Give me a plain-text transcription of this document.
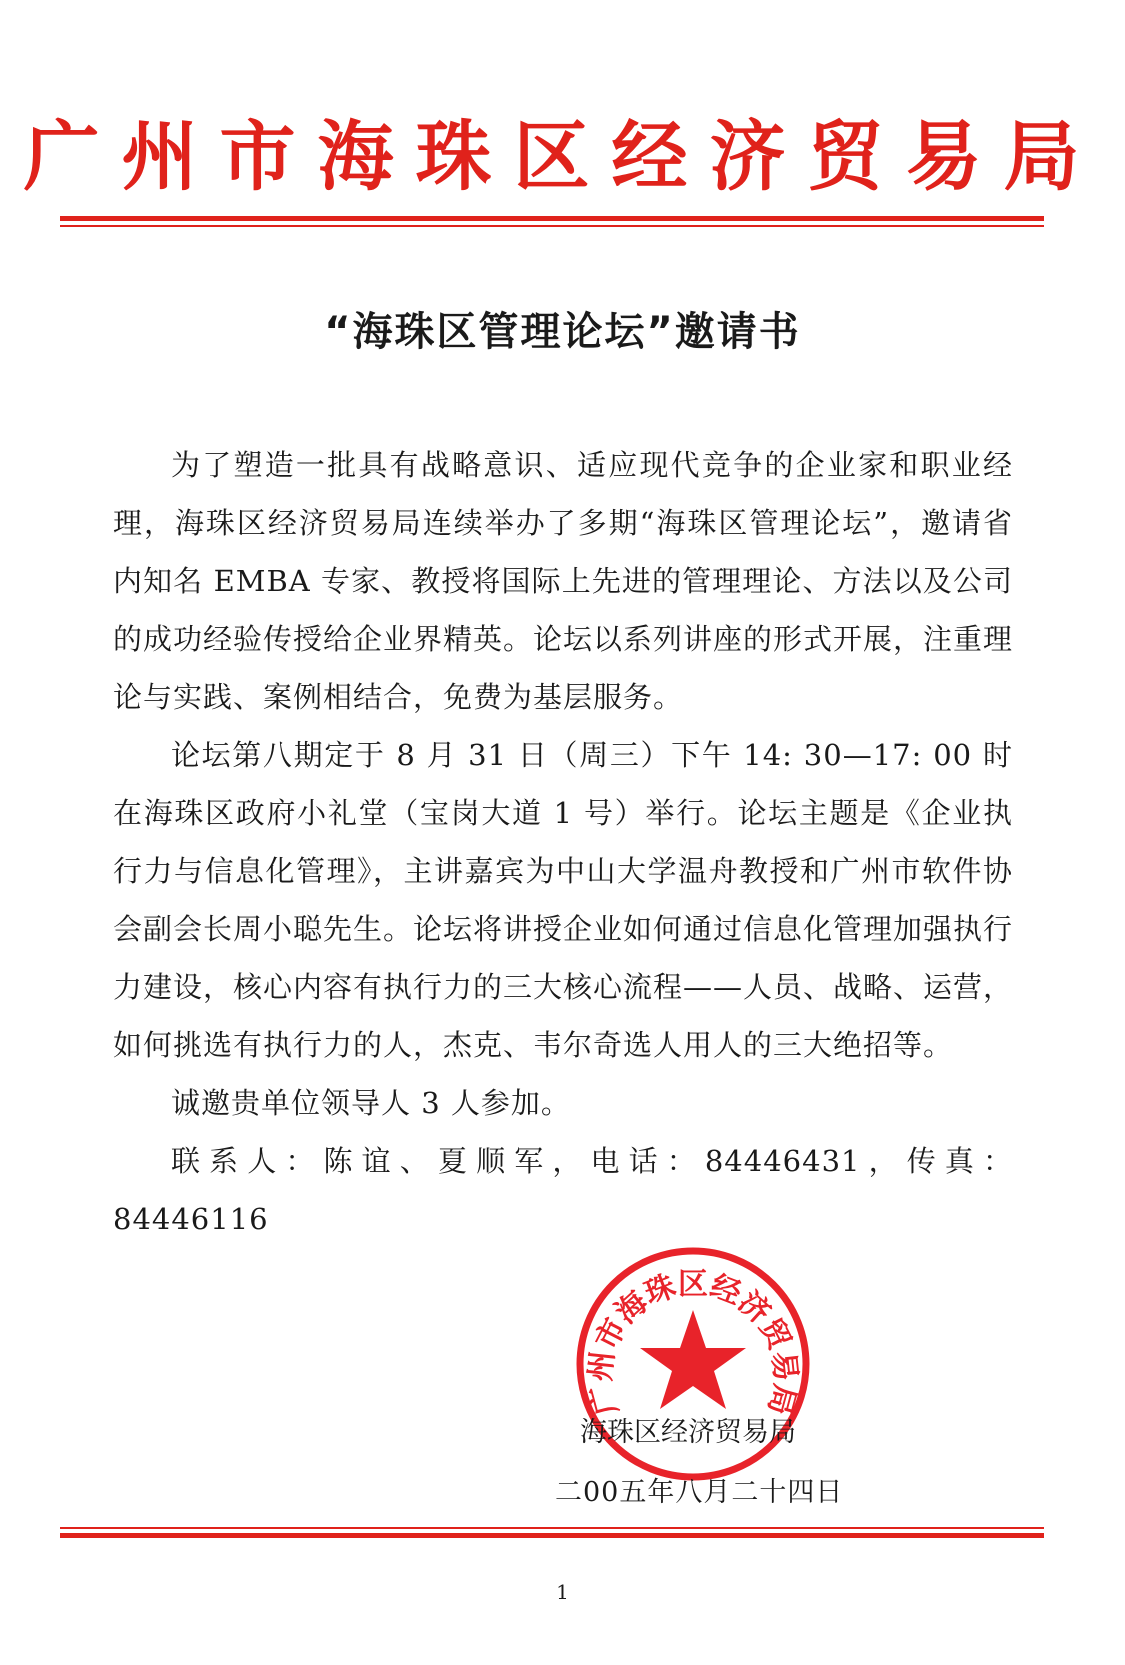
广州市海珠区经济贸易局
“海珠区管理论坛”邀请书

为了塑造一批具有战略意识、适应现代竞争的企业家和职业经理，海珠区经济贸易局连续举办了多期“海珠区管理论坛”，邀请省内知名 EMBA 专家、教授将国际上先进的管理理论、方法以及公司的成功经验传授给企业界精英。论坛以系列讲座的形式开展，注重理论与实践、案例相结合，免费为基层服务。

论坛第八期定于 8 月 31 日（周三）下午 14: 30—17: 00 时在海珠区政府小礼堂（宝岗大道 1 号）举行。论坛主题是《企业执行力与信息化管理》，主讲嘉宾为中山大学温舟教授和广州市软件协会副会长周小聪先生。论坛将讲授企业如何通过信息化管理加强执行力建设，核心内容有执行力的三大核心流程——人员、战略、运营，如何挑选有执行力的人，杰克、韦尔奇选人用人的三大绝招等。

诚邀贵单位领导人 3 人参加。

联系人：陈谊、夏顺军，电话：84446431，传真：84446116

广州市海珠区经济贸易局
海珠区经济贸易局
二00五年八月二十四日
1
